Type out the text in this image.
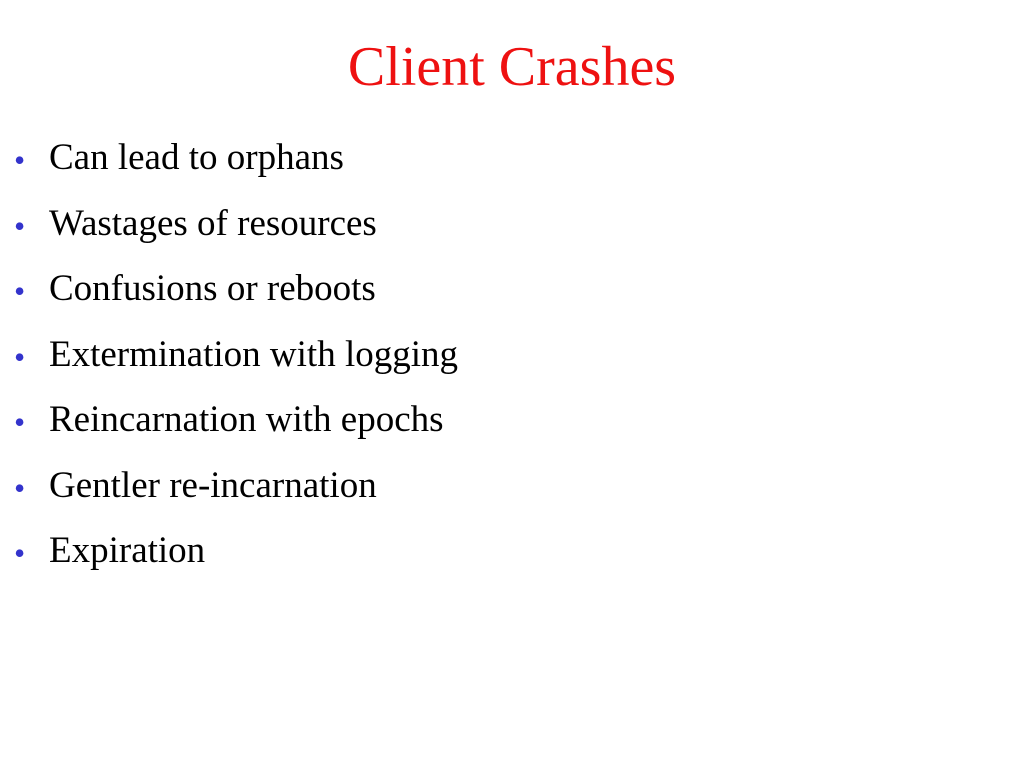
Client Crashes
• Can lead to orphans
• Wastages of resources
• Confusions or reboots
• Extermination with logging
• Reincarnation with epochs
• Gentler re-incarnation
• Expiration
